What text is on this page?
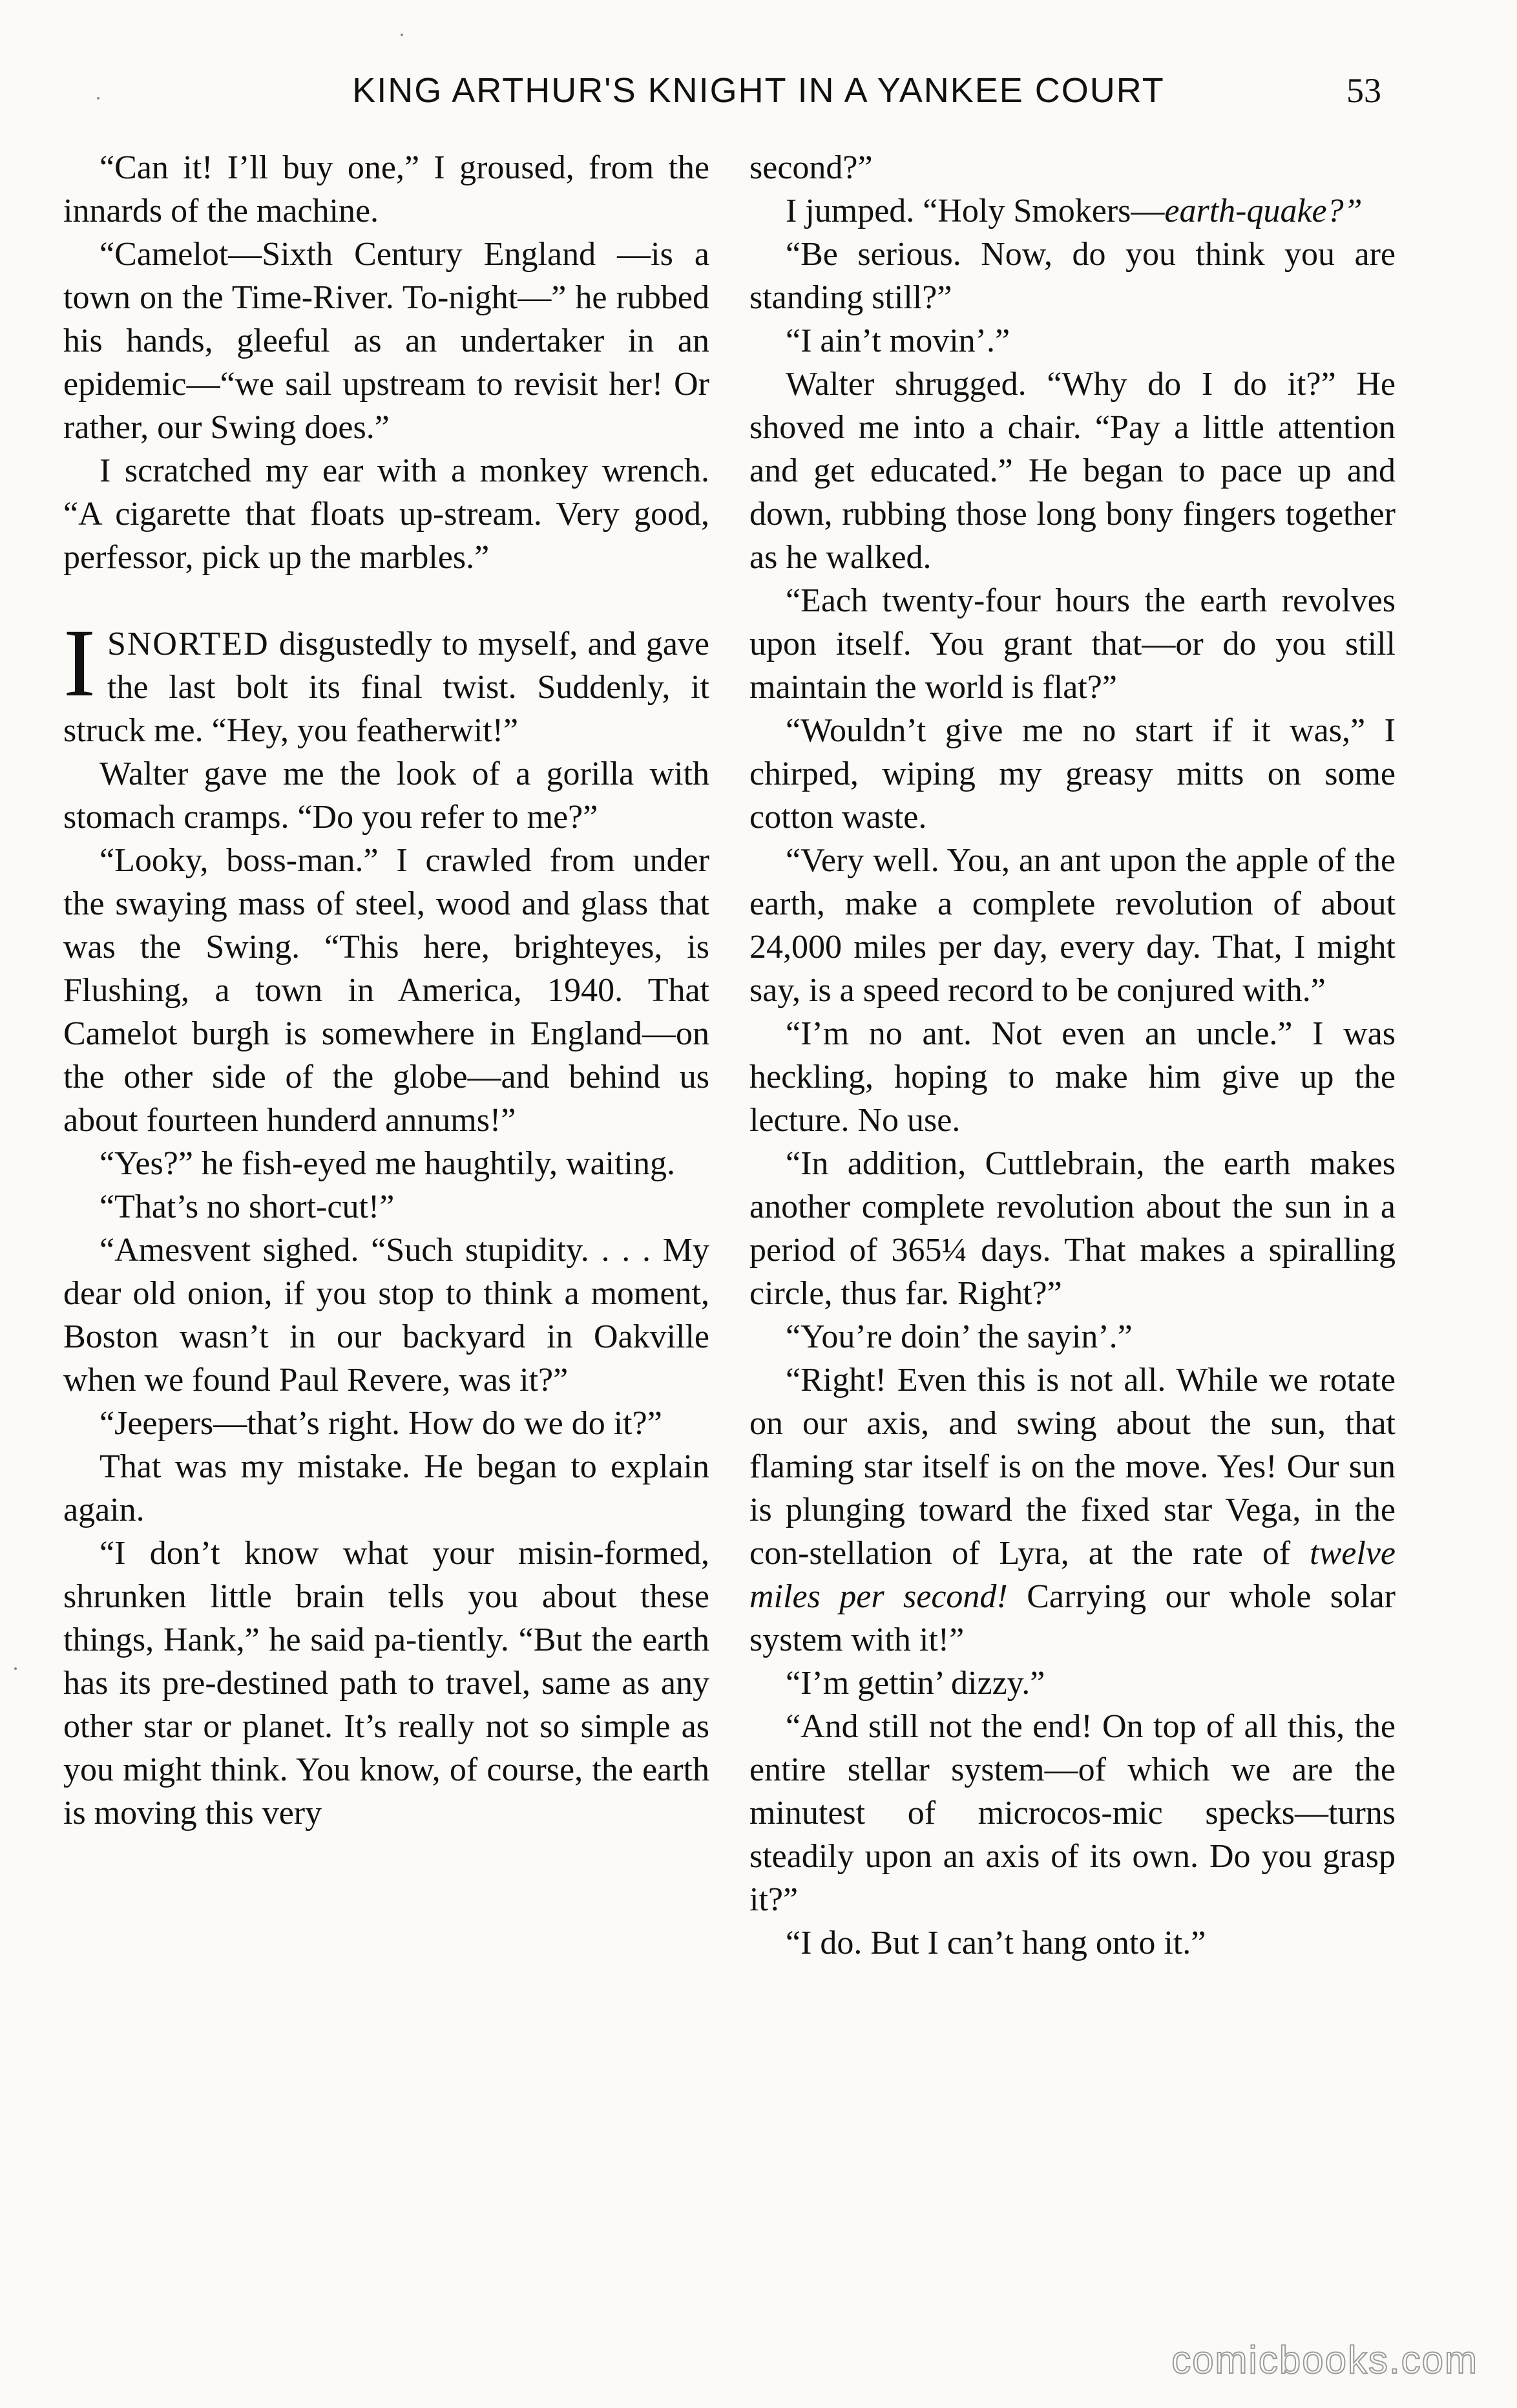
KING ARTHUR'S KNIGHT IN A YANKEE COURT	53

“Can it! I’ll buy one,” I groused, from the innards of the machine.

“Camelot—Sixth Century England —is a town on the Time-River. To-night—” he rubbed his hands, gleeful as an undertaker in an epidemic—“we sail upstream to revisit her! Or rather, our Swing does.”

I scratched my ear with a monkey wrench. “A cigarette that floats up-stream. Very good, perfessor, pick up the marbles.”

ISNORTED disgustedly to myself, and gave the last bolt its final twist. Suddenly, it struck me. “Hey, you featherwit!”

Walter gave me the look of a gorilla with stomach cramps. “Do you refer to me?”

“Looky, boss-man.” I crawled from under the swaying mass of steel, wood and glass that was the Swing. “This here, brighteyes, is Flushing, a town in America, 1940. That Camelot burgh is somewhere in England—on the other side of the globe—and behind us about fourteen hunderd annums!”

“Yes?” he fish-eyed me haughtily, waiting.

“That’s no short-cut!”

“Amesvent sighed. “Such stupidity. . . . My dear old onion, if you stop to think a moment, Boston wasn’t in our backyard in Oakville when we found Paul Revere, was it?”

“Jeepers—that’s right. How do we do it?”

That was my mistake. He began to explain again.

“I don’t know what your misin-formed, shrunken little brain tells you about these things, Hank,” he said pa-tiently. “But the earth has its pre-destined path to travel, same as any other star or planet. It’s really not so simple as you might think. You know, of course, the earth is moving this very

second?”

I jumped. “Holy Smokers—earth-quake?”

“Be serious. Now, do you think you are standing still?”

“I ain’t movin’.”

Walter shrugged. “Why do I do it?” He shoved me into a chair. “Pay a little attention and get educated.” He began to pace up and down, rubbing those long bony fingers together as he walked.

“Each twenty-four hours the earth revolves upon itself. You grant that—or do you still maintain the world is flat?”

“Wouldn’t give me no start if it was,” I chirped, wiping my greasy mitts on some cotton waste.

“Very well. You, an ant upon the apple of the earth, make a complete revolution of about 24,000 miles per day, every day. That, I might say, is a speed record to be conjured with.”

“I’m no ant. Not even an uncle.” I was heckling, hoping to make him give up the lecture. No use.

“In addition, Cuttlebrain, the earth makes another complete revolution about the sun in a period of 365¼ days. That makes a spiralling circle, thus far. Right?”

“You’re doin’ the sayin’.”

“Right! Even this is not all. While we rotate on our axis, and swing about the sun, that flaming star itself is on the move. Yes! Our sun is plunging toward the fixed star Vega, in the con-stellation of Lyra, at the rate of twelve miles per second! Carrying our whole solar system with it!”

“I’m gettin’ dizzy.”

“And still not the end! On top of all this, the entire stellar system—of which we are the minutest of microcos-mic specks—turns steadily upon an axis of its own. Do you grasp it?”

“I do. But I can’t hang onto it.”

comicbooks.com
